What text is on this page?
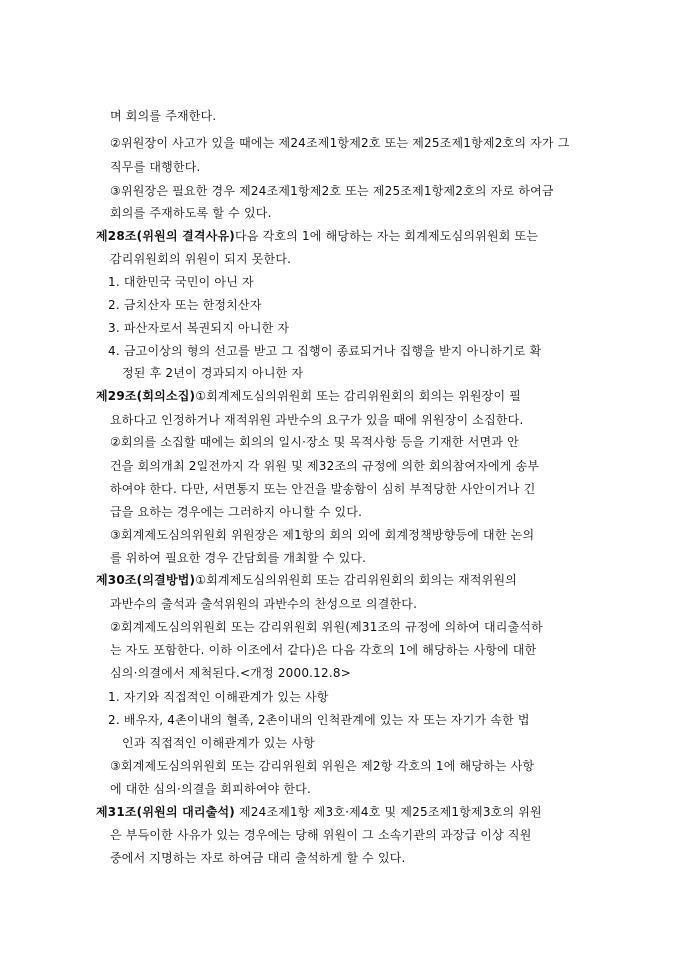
며 회의를 주재한다.
②위원장이 사고가 있을 때에는 제24조제1항제2호 또는 제25조제1항제2호의 자가 그
직무를 대행한다.
③위원장은 필요한 경우 제24조제1항제2호 또는 제25조제1항제2호의 자로 하여금
회의를 주재하도록 할 수 있다.
제28조(위원의 결격사유)다음 각호의 1에 해당하는 자는 회계제도심의위원회 또는
감리위원회의 위원이 되지 못한다.
1. 대한민국 국민이 아닌 자
2. 금치산자 또는 한정치산자
3. 파산자로서 복권되지 아니한 자
4. 금고이상의 형의 선고를 받고 그 집행이 종료되거나 집행을 받지 아니하기로 확
정된 후 2년이 경과되지 아니한 자
제29조(회의소집)①회계제도심의위원회 또는 감리위원회의 회의는 위원장이 필
요하다고 인정하거나 재적위원 과반수의 요구가 있을 때에 위원장이 소집한다.
②회의를 소집할 때에는 회의의 일시·장소 및 목적사항 등을 기재한 서면과 안
건을 회의개최 2일전까지 각 위원 및 제32조의 규정에 의한 회의참여자에게 송부
하여야 한다. 다만, 서면통지 또는 안건을 발송함이 심히 부적당한 사안이거나 긴
급을 요하는 경우에는 그러하지 아니할 수 있다.
③회계제도심의위원회 위원장은 제1항의 회의 외에 회계정책방향등에 대한 논의
를 위하여 필요한 경우 간담회를 개최할 수 있다.
제30조(의결방법)①회계제도심의위원회 또는 감리위원회의 회의는 재적위원의
과반수의 출석과 출석위원의 과반수의 찬성으로 의결한다.
②회계제도심의위원회 또는 감리위원회 위원(제31조의 규정에 의하여 대리출석하
는 자도 포함한다. 이하 이조에서 같다)은 다음 각호의 1에 해당하는 사항에 대한
심의·의결에서 제척된다.<개정 2000.12.8>
1. 자기와 직접적인 이해관계가 있는 사항
2. 배우자, 4촌이내의 혈족, 2촌이내의 인척관계에 있는 자 또는 자기가 속한 법
인과 직접적인 이해관계가 있는 사항
③회계제도심의위원회 또는 감리위원회 위원은 제2항 각호의 1에 해당하는 사항
에 대한 심의·의결을 회피하여야 한다.
제31조(위원의 대리출석) 제24조제1항 제3호·제4호 및 제25조제1항제3호의 위원
은 부득이한 사유가 있는 경우에는 당해 위원이 그 소속기관의 과장급 이상 직원
중에서 지명하는 자로 하여금 대리 출석하게 할 수 있다.
